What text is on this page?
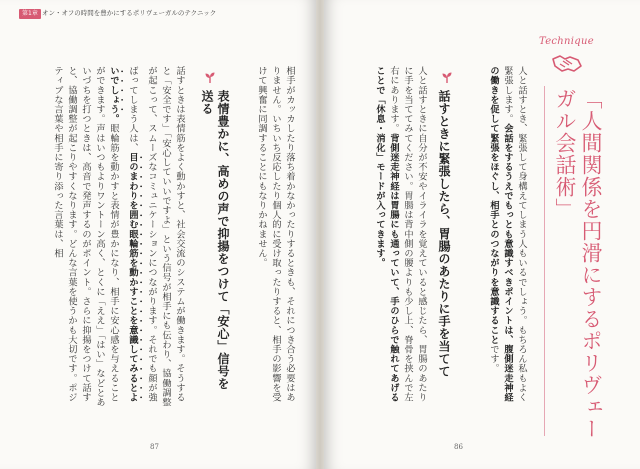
第1章 オン・オフの時間を豊かにするポリヴェーガルのテクニック
相手がカッカしたり落ち着かなかったりするときも、それにつき合う必要はありません。いちいち反応したり個人的に受け取ったりすると、相手の影響を受けて興奮に同調することにもなりかねません。
表情豊かに、高めの声で抑揚をつけて「安心」信号を送る
話すときは表情筋をよく動かすと、社会交流のシステムが働きます。そうすると「安全です」「安心していいですよ」という信号が相手にも伝わり、協働調整が起こって、スムーズなコミュニケーションにつながります。それでも顔が強ばってしまう人は、目のまわりを囲む眼輪筋を動かすことを意識してみるとよいでしょう。眼輪筋を動かすと表情が豊かになり、相手に安心感を与えることができます。声はいつもよりワントーン高く、とくに「ええ」「はい」などとあいづちを打つときは、高音で発声するのがポイント。さらに抑揚をつけて話すと、協働調整が起こりやすくなります。どんな言葉を使うかも大切です。ポジティブな言葉や相手に寄り添った言葉は、相
87
Technique
「人間関係を円滑にするポリヴェーガル会話術」
人と話すとき、緊張して身構えてしまう人もいるでしょう。もちろん私もよく緊張します。会話をするうえでもっとも意識すべきポイントは、腹側迷走神経の働きを促して緊張をほぐし、相手とのつながりを意識することです。
話すときに緊張したら、胃腸のあたりに手を当てて
人と話すときに自分が不安やイライラを覚えていると感じたら、胃腸のあたりに手を当ててみてください。胃腸は背中側の腰よりも少し上、脊骨を挟んで左右にあります。背側迷走神経は胃腸にも通っていて、手のひらで触れてあげることで「休息・消化」モードが入ってきます。
86
